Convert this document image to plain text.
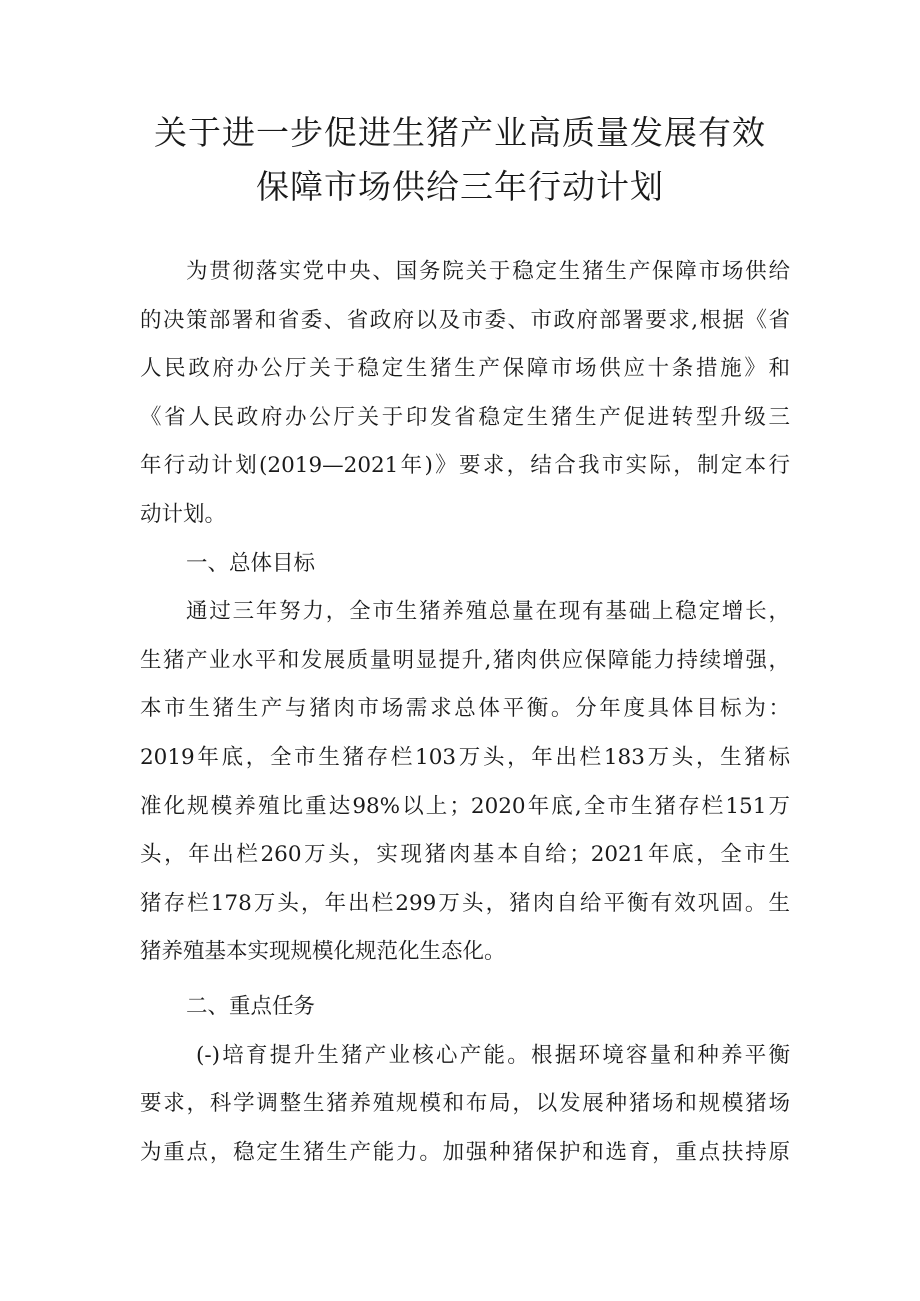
关于进一步促进生猪产业高质量发展有效
保障市场供给三年行动计划
为贯彻落实党中央、国务院关于稳定生猪生产保障市场供给
的决策部署和省委、省政府以及市委、市政府部署要求,根据《省
人民政府办公厅关于稳定生猪生产保障市场供应十条措施》和
《省人民政府办公厅关于印发省稳定生猪生产促进转型升级三
年行动计划(2019—2021年)》要求，结合我市实际，制定本行
动计划。
一、总体目标
通过三年努力，全市生猪养殖总量在现有基础上稳定增长，
生猪产业水平和发展质量明显提升,猪肉供应保障能力持续增强，
本市生猪生产与猪肉市场需求总体平衡。分年度具体目标为：
2019年底，全市生猪存栏103万头，年出栏183万头，生猪标
准化规模养殖比重达98%以上；2020年底,全市生猪存栏151万
头，年出栏260万头，实现猪肉基本自给；2021年底，全市生
猪存栏178万头，年出栏299万头，猪肉自给平衡有效巩固。生
猪养殖基本实现规模化规范化生态化。
二、重点任务
(-)培育提升生猪产业核心产能。根据环境容量和种养平衡
要求，科学调整生猪养殖规模和布局，以发展种猪场和规模猪场
为重点，稳定生猪生产能力。加强种猪保护和选育，重点扶持原
